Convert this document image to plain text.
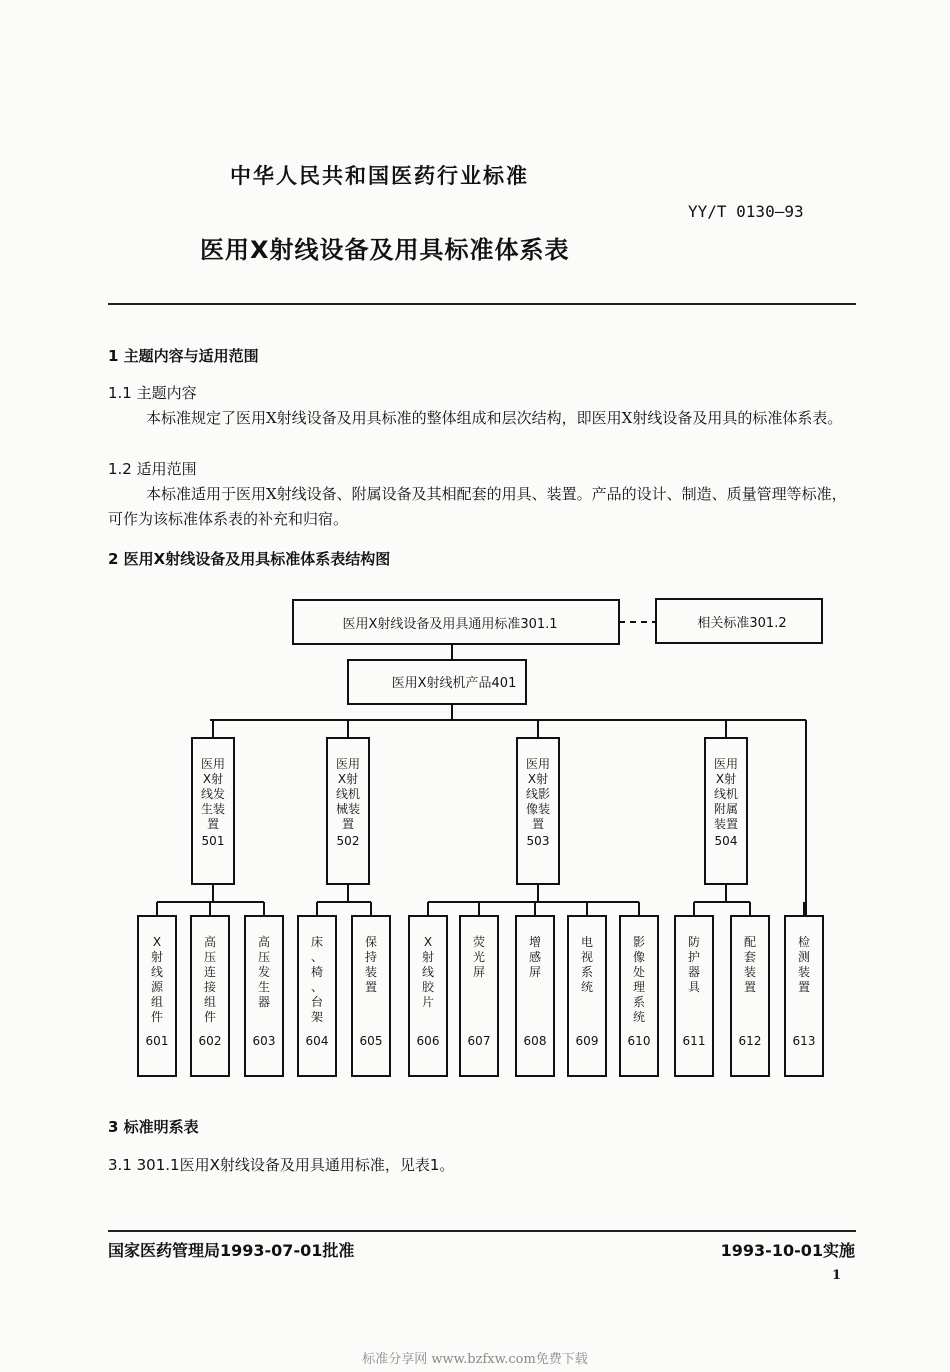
中华人民共和国医药行业标准
YY/T 0130—93
医用X射线设备及用具标准体系表
1 主题内容与适用范围
1.1 主题内容
本标准规定了医用X射线设备及用具标准的整体组成和层次结构，即医用X射线设备及用具的标准体系表。
1.2 适用范围
本标准适用于医用X射线设备、附属设备及其相配套的用具、装置。产品的设计、制造、质量管理等标准，可作为该标准体系表的补充和归宿。
2 医用X射线设备及用具标准体系表结构图
医用X射线设备及用具通用标准301.1	相关标准301.2
医用X射线机产品401
医用 X射线发生装置
501
医用 X射线机械装置
502
医用 X射线影像装置
503
医用 X射线机附属装置
504
X 射线源组件
601
高压连接组件
602
高压发生器
603
床、椅、台架
604
保持装置
605
X 射线胶片
606
荧光屏
607
增感屏
608
电视系统
609
影像处理系统
610
防护器具
611
配套装置
612
检测装置
613
3 标准明系表
3.1 301.1医用X射线设备及用具通用标准，见表1。
国家医药管理局1993-07-01批准	1993-10-01实施
1
标准分享网 www.bzfxw.com免费下载
